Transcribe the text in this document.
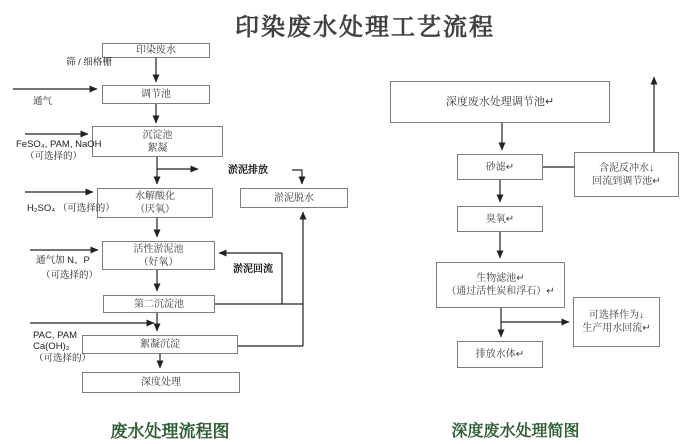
印染废水处理工艺流程
印染废水
调节池
沉淀池
絮凝
水解酸化
（厌氧）
活性淤泥池
（好氧）
第二沉淀池
絮凝沉淀
深度处理
淤泥脱水
筛 / 细格栅
通气
FeSO₄, PAM, NaOH
（可选择的）
H₂SO₄ （可选择的）
通气加 N、P
（可选择的）
PAC, PAM
Ca(OH)₂
（可选择的）
淤泥排放
淤泥回流
深度废水处理调节池↵
砂滤↵	含泥反冲水↓
回流到调节池↵
臭氧↵
生物滤池↵
（通过活性炭和浮石）↵
排放水体↵
可选择作为↓
生产用水回流↵
废水处理流程图	深度废水处理简图
